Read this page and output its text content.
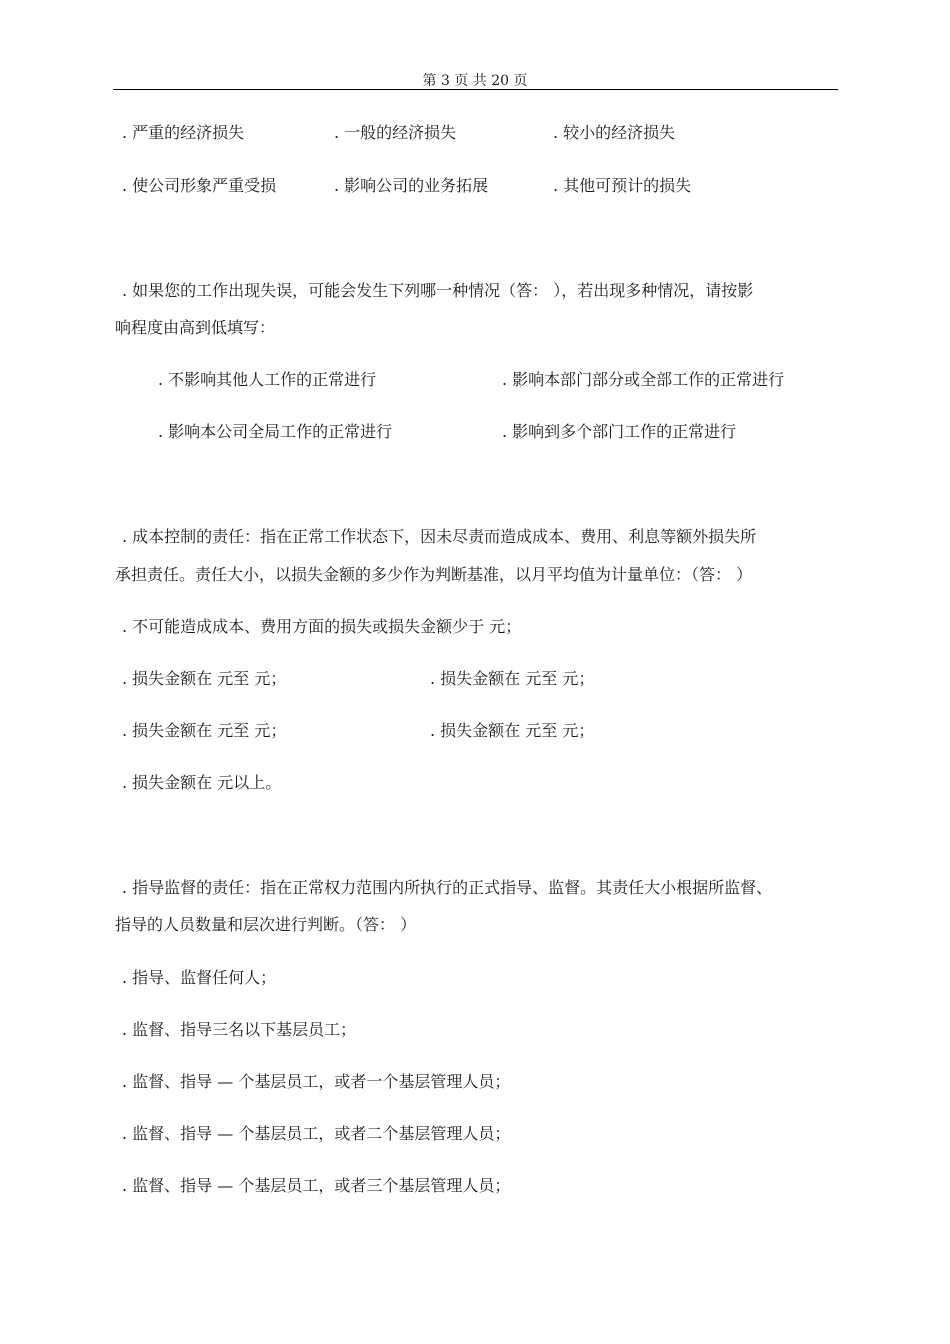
第 3 页 共 20 页
. 严重的经济损失	. 一般的经济损失	. 较小的经济损失
. 使公司形象严重受损	. 影响公司的业务拓展	. 其他可预计的损失
. 如果您的工作出现失误，可能会发生下列哪一种情况（答： ），若出现多种情况，请按影
响程度由高到低填写：
. 不影响其他人工作的正常进行	. 影响本部门部分或全部工作的正常进行
. 影响本公司全局工作的正常进行	. 影响到多个部门工作的正常进行
. 成本控制的责任：指在正常工作状态下，因未尽责而造成成本、费用、利息等额外损失所
承担责任。责任大小，以损失金额的多少作为判断基准，以月平均值为计量单位：（答： ）
. 不可能造成成本、费用方面的损失或损失金额少于 元；
. 损失金额在 元至 元；	. 损失金额在 元至 元；
. 损失金额在 元至 元；	. 损失金额在 元至 元；
. 损失金额在 元以上。
. 指导监督的责任：指在正常权力范围内所执行的正式指导、监督。其责任大小根据所监督、
指导的人员数量和层次进行判断。（答： ）
. 指导、监督任何人；
. 监督、指导三名以下基层员工；
. 监督、指导 — 个基层员工，或者一个基层管理人员；
. 监督、指导 — 个基层员工，或者二个基层管理人员；
. 监督、指导 — 个基层员工，或者三个基层管理人员；
